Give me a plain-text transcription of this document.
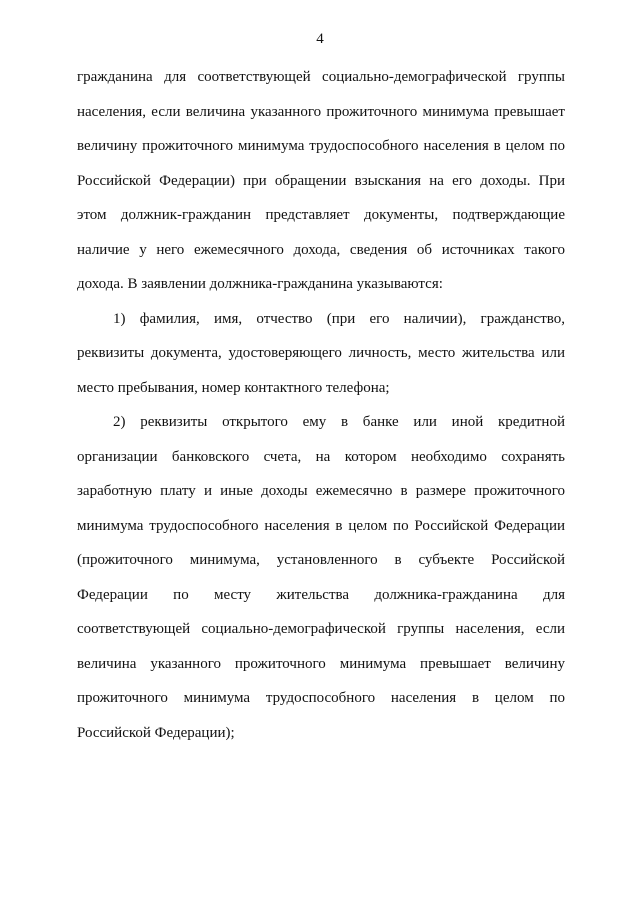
4
гражданина для соответствующей социально-демографической группы
населения, если величина указанного прожиточного минимума превышает
величину прожиточного минимума трудоспособного населения в целом по
Российской Федерации) при обращении взыскания на его доходы. При
этом должник-гражданин представляет документы, подтверждающие
наличие у него ежемесячного дохода, сведения об источниках такого
дохода. В заявлении должника-гражданина указываются:
1) фамилия, имя, отчество (при его наличии), гражданство,
реквизиты документа, удостоверяющего личность, место жительства или
место пребывания, номер контактного телефона;
2) реквизиты открытого ему в банке или иной кредитной
организации банковского счета, на котором необходимо сохранять
заработную плату и иные доходы ежемесячно в размере прожиточного
минимума трудоспособного населения в целом по Российской Федерации
(прожиточного минимума, установленного в субъекте Российской
Федерации по месту жительства должника-гражданина для
соответствующей социально-демографической группы населения, если
величина указанного прожиточного минимума превышает величину
прожиточного минимума трудоспособного населения в целом по
Российской Федерации);
